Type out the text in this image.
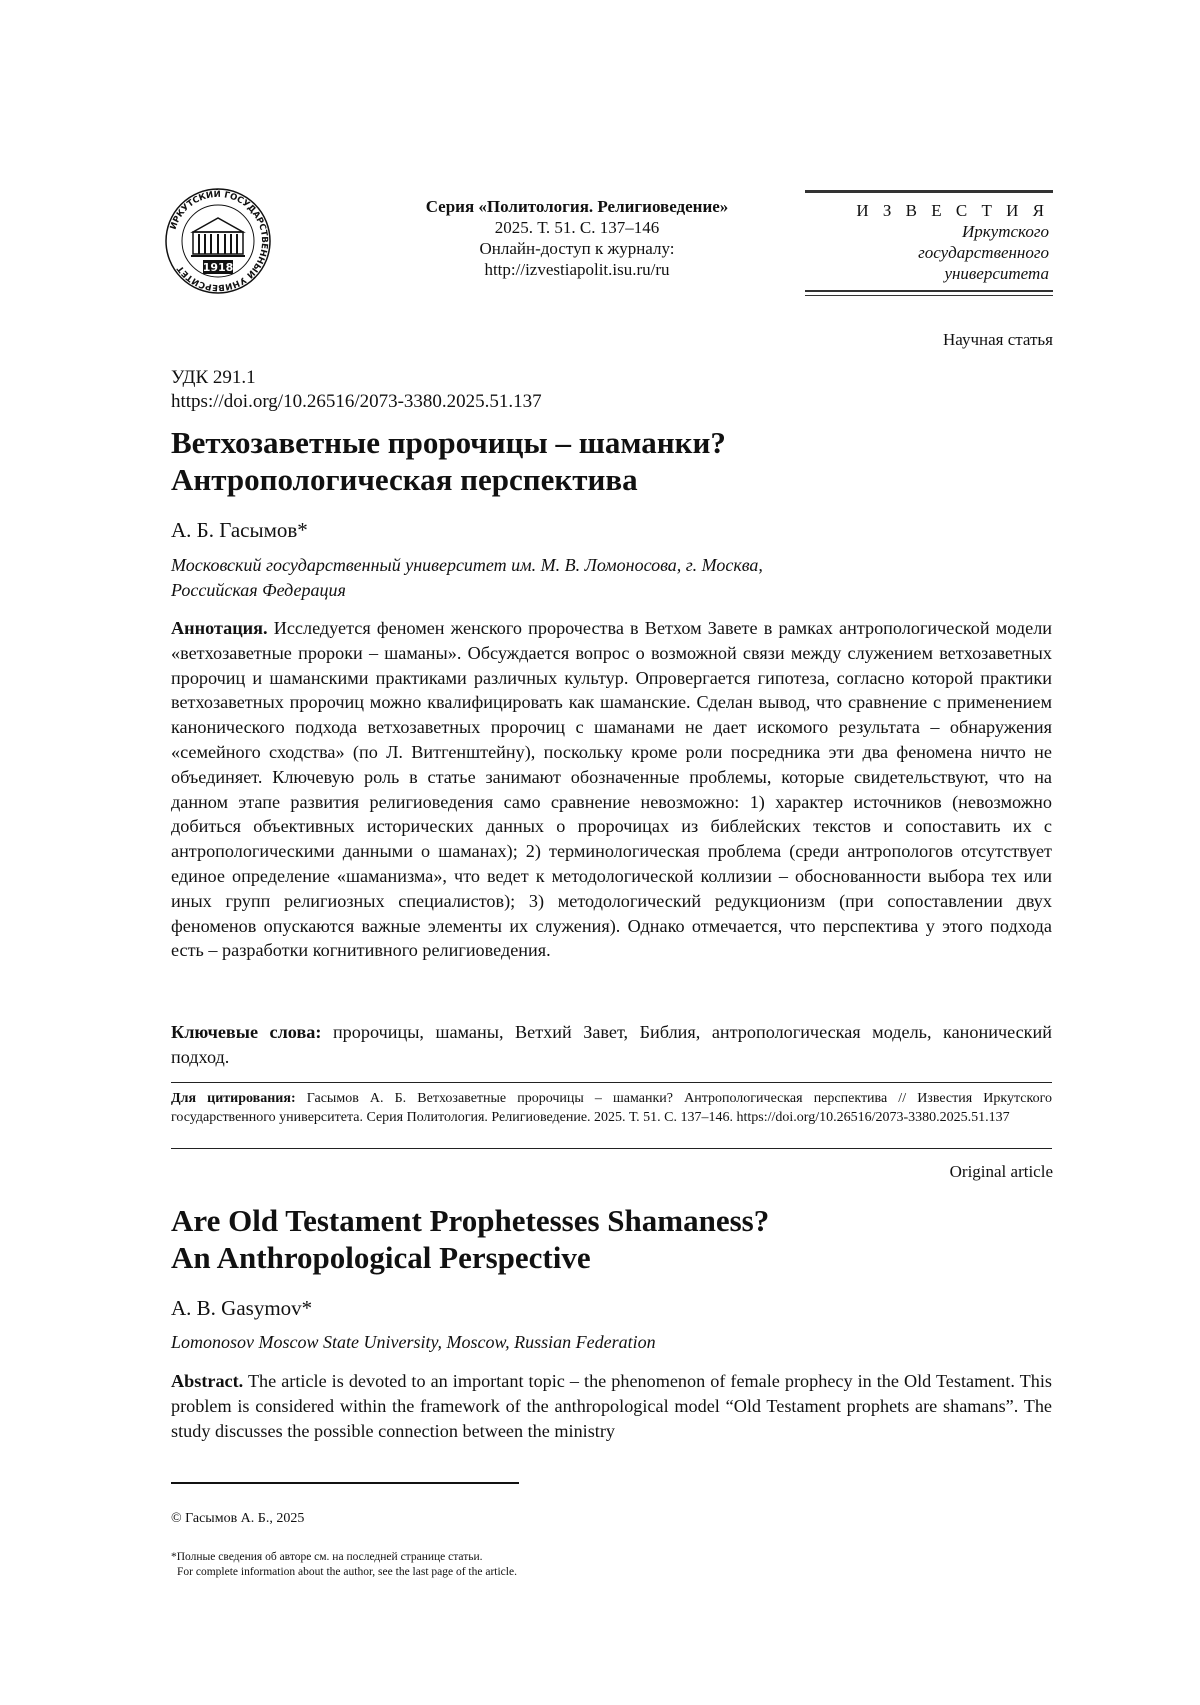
ИРКУТСКИЙ ГОСУДАРСТВЕННЫЙ УНИВЕРСИТЕТ	1918
Серия «Политология. Религиоведение»
2025. Т. 51. С. 137–146
Онлайн-доступ к журналу:
http://izvestiapolit.isu.ru/ru
И З В Е С Т И Я
Иркутского
государственного
университета
Научная статья
УДК 291.1
https://doi.org/10.26516/2073-3380.2025.51.137
Ветхозаветные пророчицы – шаманки?
Антропологическая перспектива
А. Б. Гасымов*
Московский государственный университет им. М. В. Ломоносова, г. Москва,
Российская Федерация
Аннотация. Исследуется феномен женского пророчества в Ветхом Завете в рамках антропологической модели «ветхозаветные пророки – шаманы». Обсуждается вопрос о возможной связи между служением ветхозаветных пророчиц и шаманскими практиками различных культур. Опровергается гипотеза, согласно которой практики ветхозаветных пророчиц можно квалифицировать как шаманские. Сделан вывод, что сравнение с применением канонического подхода ветхозаветных пророчиц с шаманами не дает искомого результата – обнаружения «семейного сходства» (по Л. Витгенштейну), поскольку кроме роли посредника эти два феномена ничто не объединяет. Ключевую роль в статье занимают обозначенные проблемы, которые свидетельствуют, что на данном этапе развития религиоведения само сравнение невозможно: 1) характер источников (невозможно добиться объективных исторических данных о пророчицах из библейских текстов и сопоставить их с антропологическими данными о шаманах); 2) терминологическая проблема (среди антропологов отсутствует единое определение «шаманизма», что ведет к методологической коллизии – обоснованности выбора тех или иных групп религиозных специалистов); 3) методологический редукционизм (при сопоставлении двух феноменов опускаются важные элементы их служения). Однако отмечается, что перспектива у этого подхода есть – разработки когнитивного религиоведения.
Ключевые слова: пророчицы, шаманы, Ветхий Завет, Библия, антропологическая модель, канонический подход.
Для цитирования: Гасымов А. Б. Ветхозаветные пророчицы – шаманки? Антропологическая перспектива // Известия Иркутского государственного университета. Серия Политология. Религиоведение. 2025. Т. 51. С. 137–146. https://doi.org/10.26516/2073-3380.2025.51.137
Original article
Are Old Testament Prophetesses Shamaness?
An Anthropological Perspective
A. B. Gasymov*
Lomonosov Moscow State University, Moscow, Russian Federation
Abstract. The article is devoted to an important topic – the phenomenon of female prophecy in the Old Testament. This problem is considered within the framework of the anthropological model “Old Testament prophets are shamans”. The study discusses the possible connection between the ministry
© Гасымов А. Б., 2025
*Полные сведения об авторе см. на последней странице статьи.
For complete information about the author, see the last page of the article.
